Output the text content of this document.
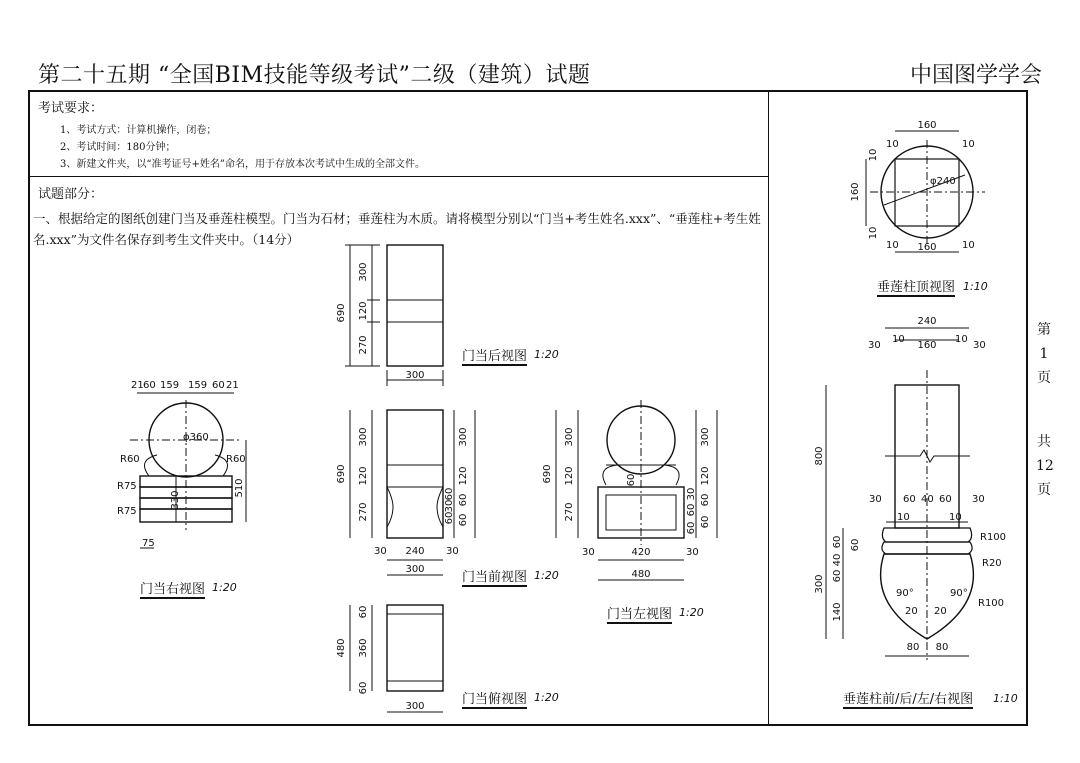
第二十五期 “全国BIM技能等级考试”二级（建筑）试题	中国图学学会
考试要求：
1、考试方式：计算机操作，闭卷；
2、考试时间：180分钟；
3、新建文件夹，以“准考证号+姓名”命名，用于存放本次考试中生成的全部文件。
试题部分：
一、根据给定的图纸创建门当及垂莲柱模型。门当为石材；垂莲柱为木质。请将模型分别以“门当+考生姓名.xxx”、“垂莲柱+考生姓名.xxx”为文件名保存到考生文件夹中。（14分）
门当后视图 1:20
门当右视图 1:20
门当前视图 1:20
门当左视图 1:20
门当俯视图 1:20
垂莲柱顶视图 1:10
垂莲柱前/后/左/右视图 1:10
第
1
页
共
12
页
690
300
120
270
300
21 60 159 159 60 21
510
330
φ360
R60	R60
R75
R75
75
690
300
120
270
300
120
60
30
60
60
60
30 240 30
300
690
300
120
270
300
120
60
30 60
60
60
60
30	420	30
480
480 360
60
60
300
160
10
10	10
160
φ240
10
10 160	10
240
30
10
160
10
30
800
30 60 40 60 30
10	10
300
60
40
60
60
140
R100
R20
R100
90°	90°
20 20
80 80
